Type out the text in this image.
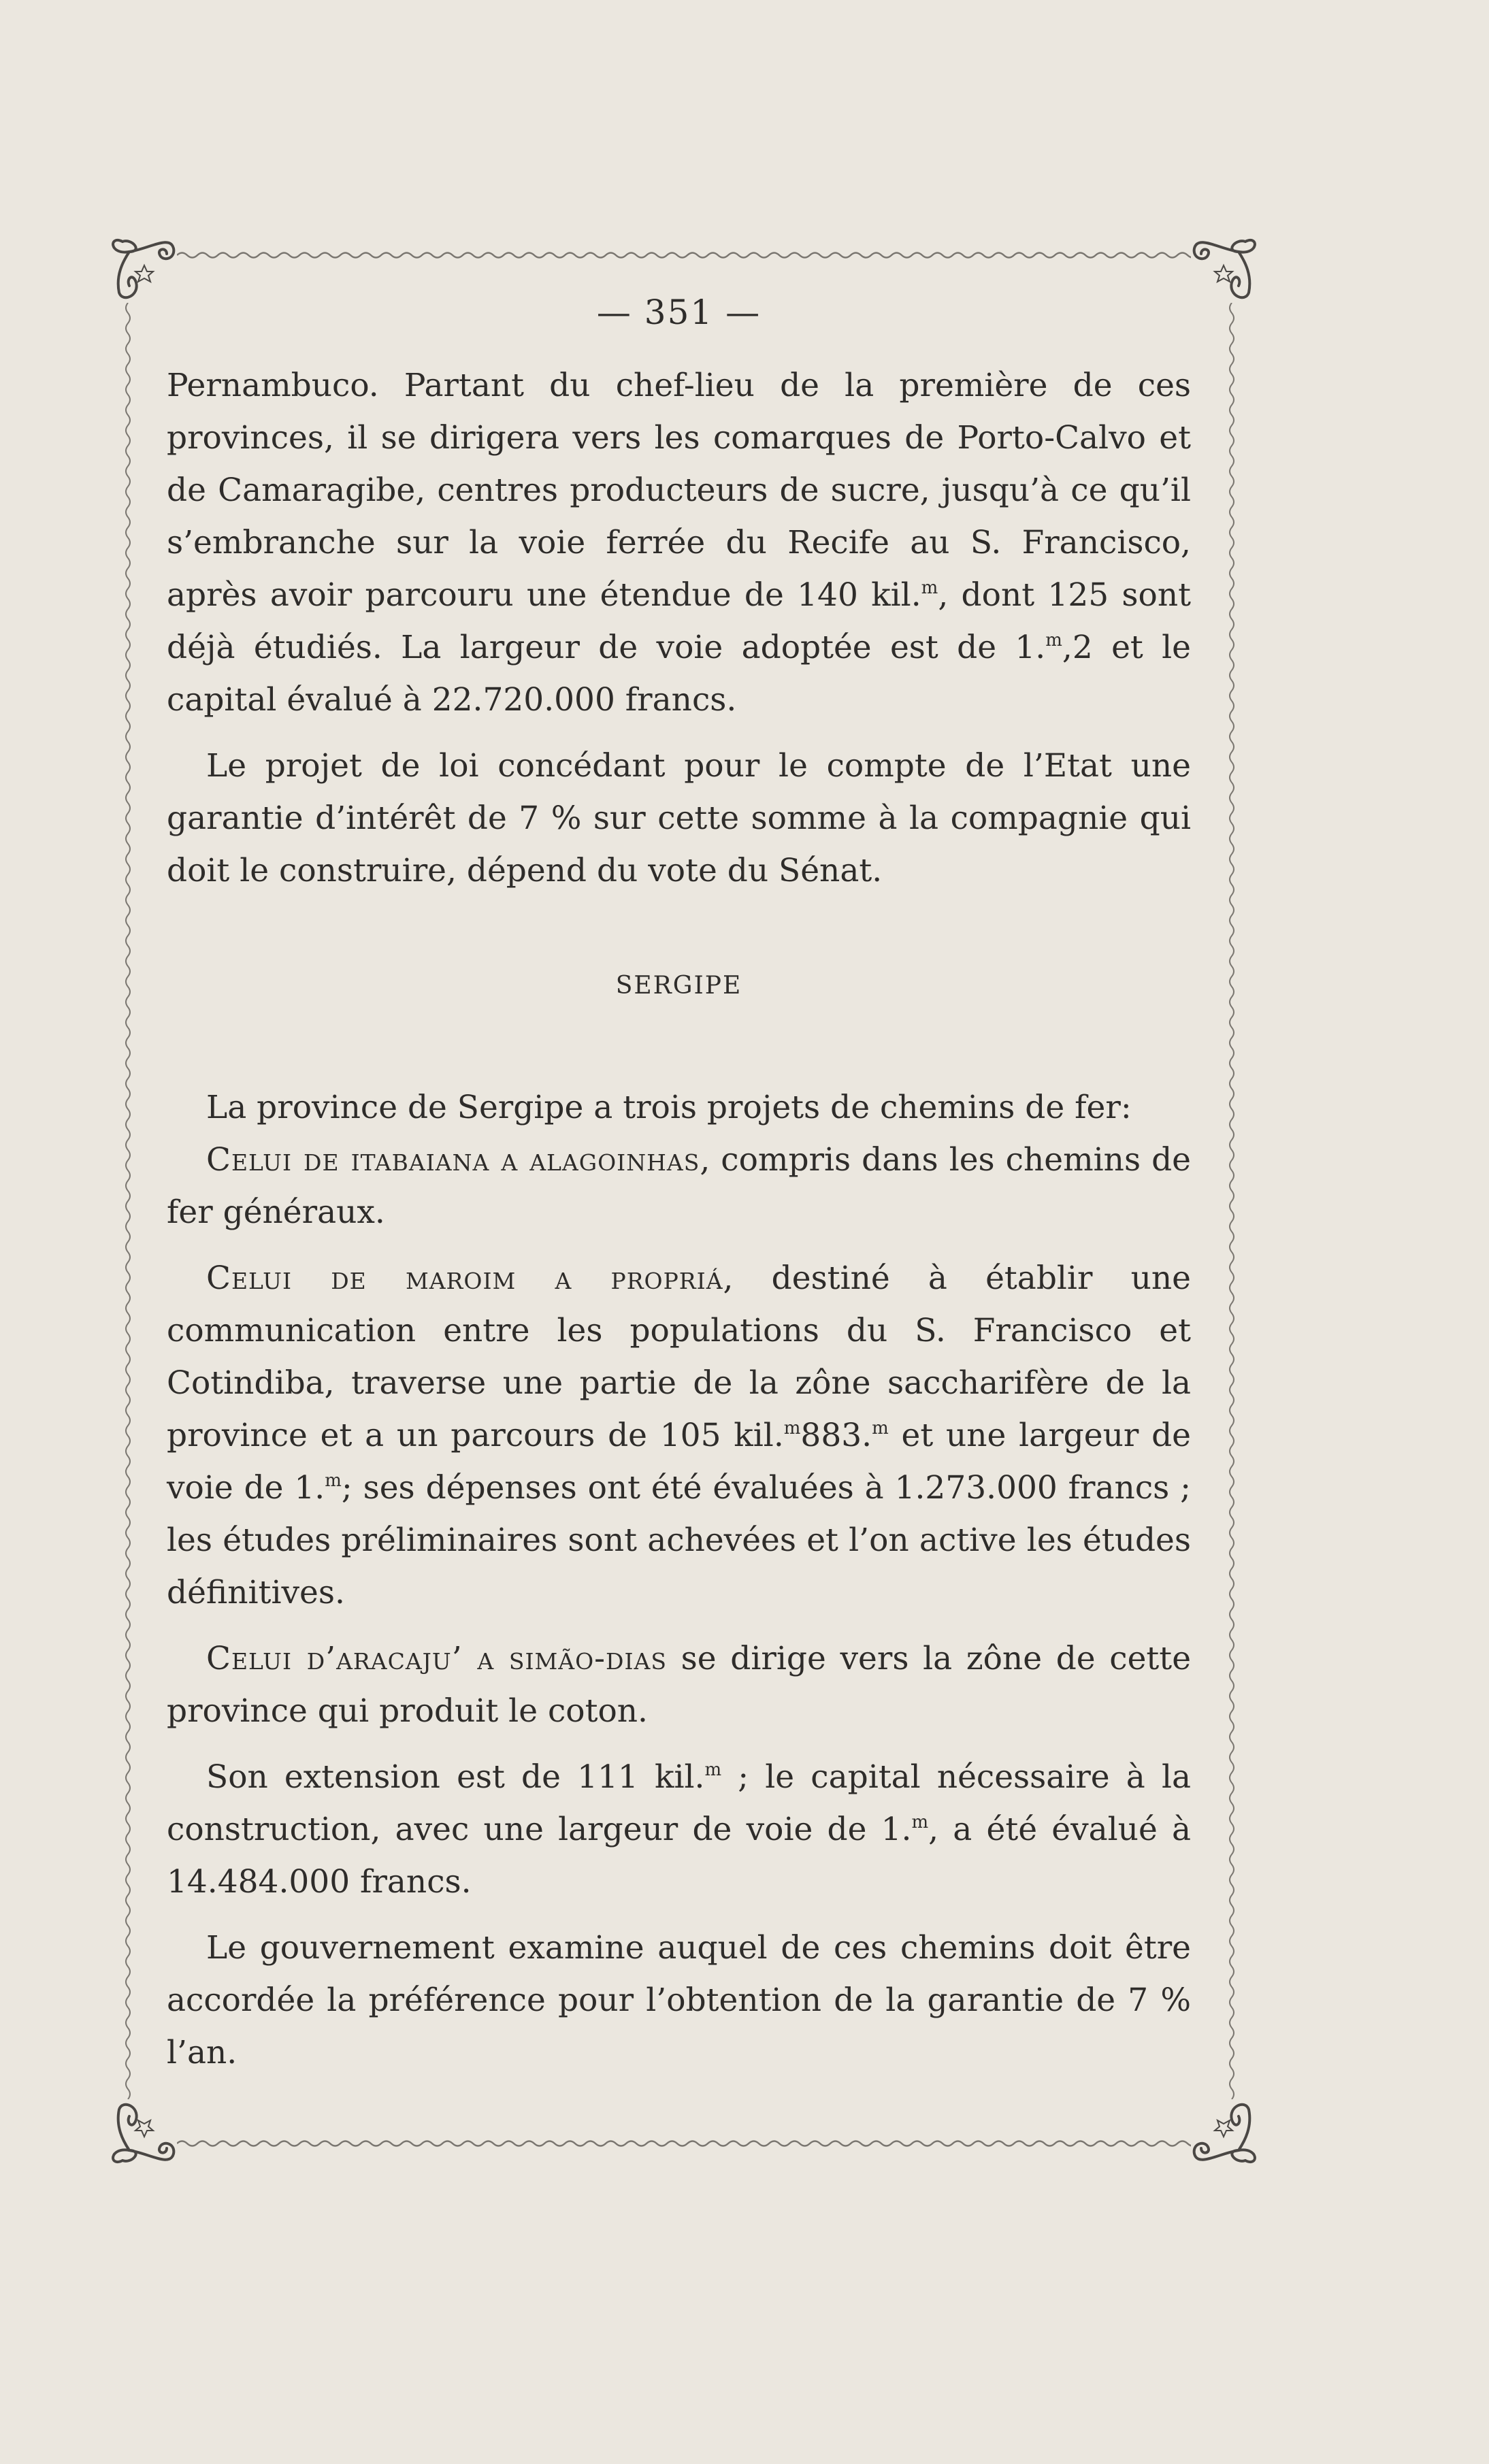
— 351 —

Pernambuco. Partant du chef-lieu de la première de ces provinces, il se dirigera vers les comarques de Porto-Calvo et de Camaragibe, centres producteurs de sucre, jusqu’à ce qu’il s’embranche sur la voie ferrée du Recife au S. Francisco, après avoir parcouru une étendue de 140 kil.$^m$, dont 125 sont déjà étudiés. La largeur de voie adoptée est de 1.$^m$,2 et le capital évalué à 22.720.000 francs.

Le projet de loi concédant pour le compte de l’Etat une garantie d’intérêt de 7 % sur cette somme à la compagnie qui doit le construire, dépend du vote du Sénat.

SERGIPE

La province de Sergipe a trois projets de chemins de fer:

Celui de itabaiana a alagoinhas, compris dans les chemins de fer généraux.

Celui de maroim a propriá, destiné à établir une communication entre les populations du S. Francisco et Cotindiba, traverse une partie de la zône saccharifère de la province et a un parcours de 105 kil.$^m$883.$^m$ et une largeur de voie de 1.$^m$; ses dépenses ont été évaluées à 1.273.000 francs ; les études préliminaires sont achevées et l’on active les études définitives.

Celui d’aracaju’ a simão-dias se dirige vers la zône de cette province qui produit le coton.

Son extension est de 111 kil.$^m$ ; le capital nécessaire à la construction, avec une largeur de voie de 1.$^m$, a été évalué à 14.484.000 francs.

Le gouvernement examine auquel de ces chemins doit être accordée la préférence pour l’obtention de la garantie de 7 % l’an.
